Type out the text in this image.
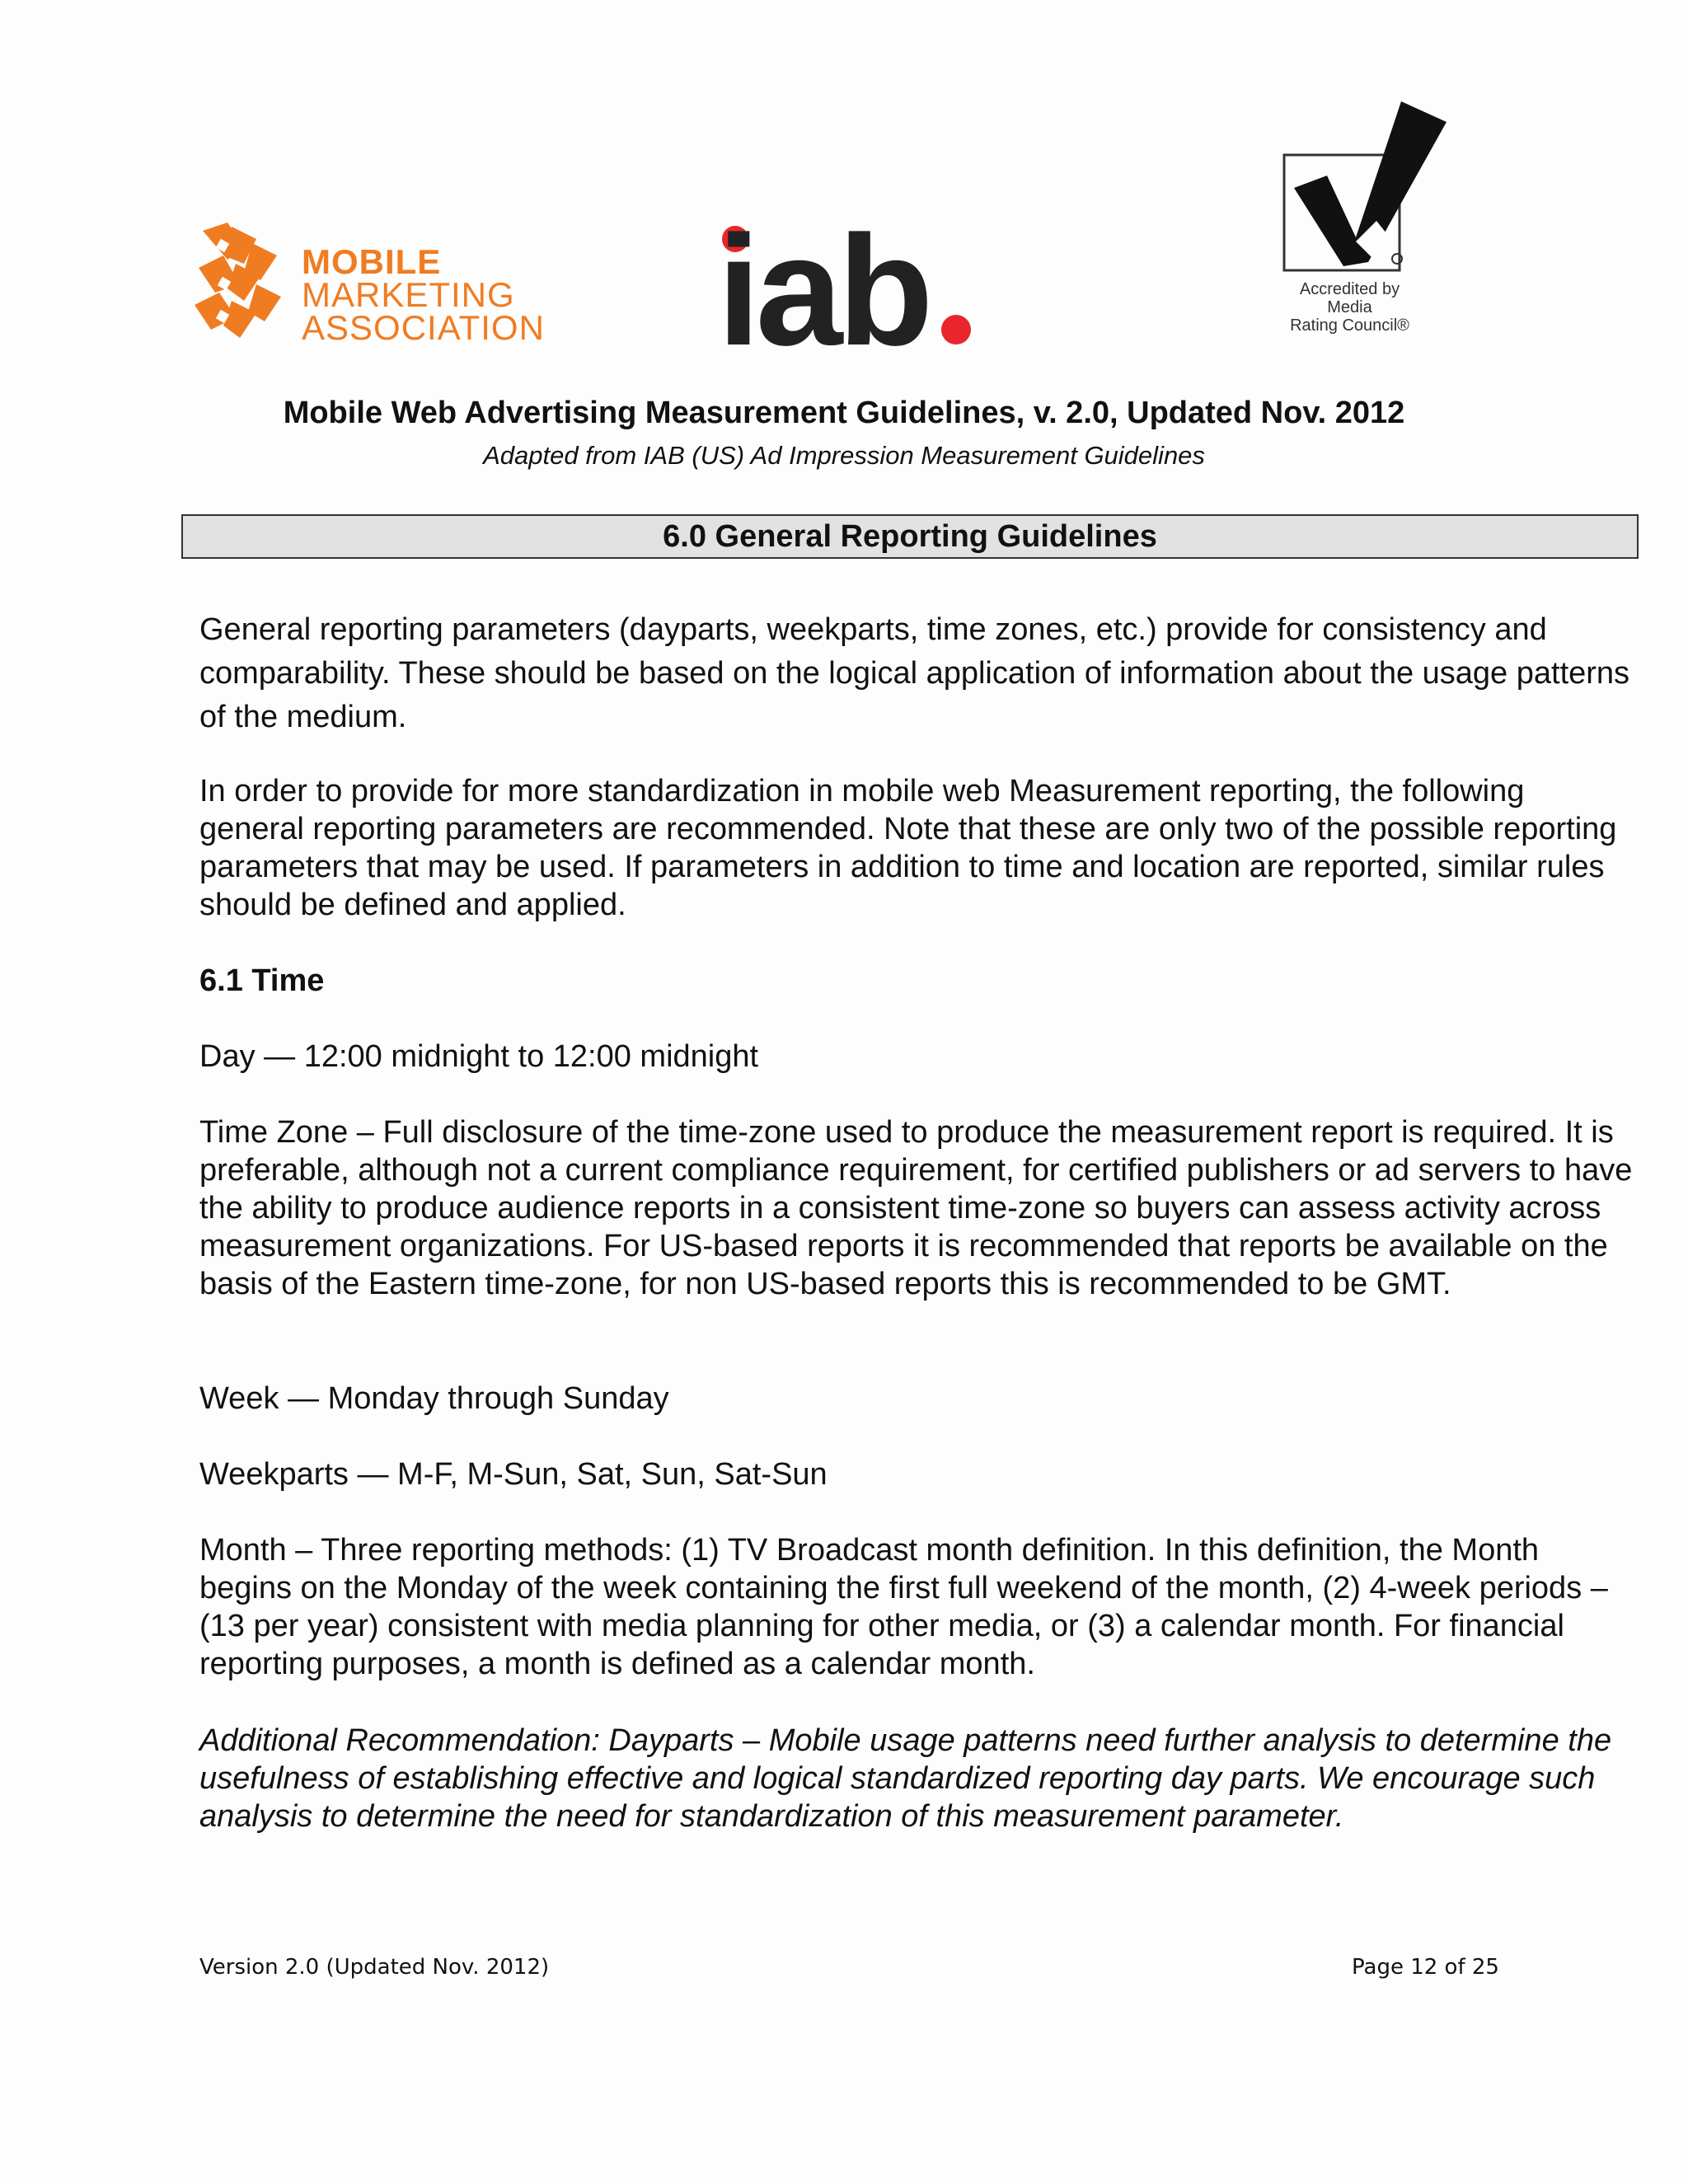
MOBILE
MARKETING
ASSOCIATION iab	Accredited by
Media
Rating Council®
Mobile Web Advertising Measurement Guidelines, v. 2.0, Updated Nov. 2012
Adapted from IAB (US) Ad Impression Measurement Guidelines
6.0 General Reporting Guidelines

General reporting parameters (dayparts, weekparts, time zones, etc.) provide for consistency and comparability. These should be based on the logical application of information about the usage patterns of the medium.

In order to provide for more standardization in mobile web Measurement reporting, the following general reporting parameters are recommended. Note that these are only two of the possible reporting parameters that may be used. If parameters in addition to time and location are reported, similar rules should be defined and applied.

6.1 Time

Day — 12:00 midnight to 12:00 midnight

Time Zone – Full disclosure of the time-zone used to produce the measurement report is required. It is preferable, although not a current compliance requirement, for certified publishers or ad servers to have the ability to produce audience reports in a consistent time-zone so buyers can assess activity across measurement organizations. For US-based reports it is recommended that reports be available on the basis of the Eastern time-zone, for non US-based reports this is recommended to be GMT.

Week — Monday through Sunday

Weekparts — M-F, M-Sun, Sat, Sun, Sat-Sun

Month – Three reporting methods: (1) TV Broadcast month definition. In this definition, the Month begins on the Monday of the week containing the first full weekend of the month, (2) 4-week periods – (13 per year) consistent with media planning for other media, or (3) a calendar month. For financial reporting purposes, a month is defined as a calendar month.

Additional Recommendation: Dayparts – Mobile usage patterns need further analysis to determine the usefulness of establishing effective and logical standardized reporting day parts. We encourage such analysis to determine the need for standardization of this measurement parameter.

Version 2.0 (Updated Nov. 2012)	Page 12 of 25
